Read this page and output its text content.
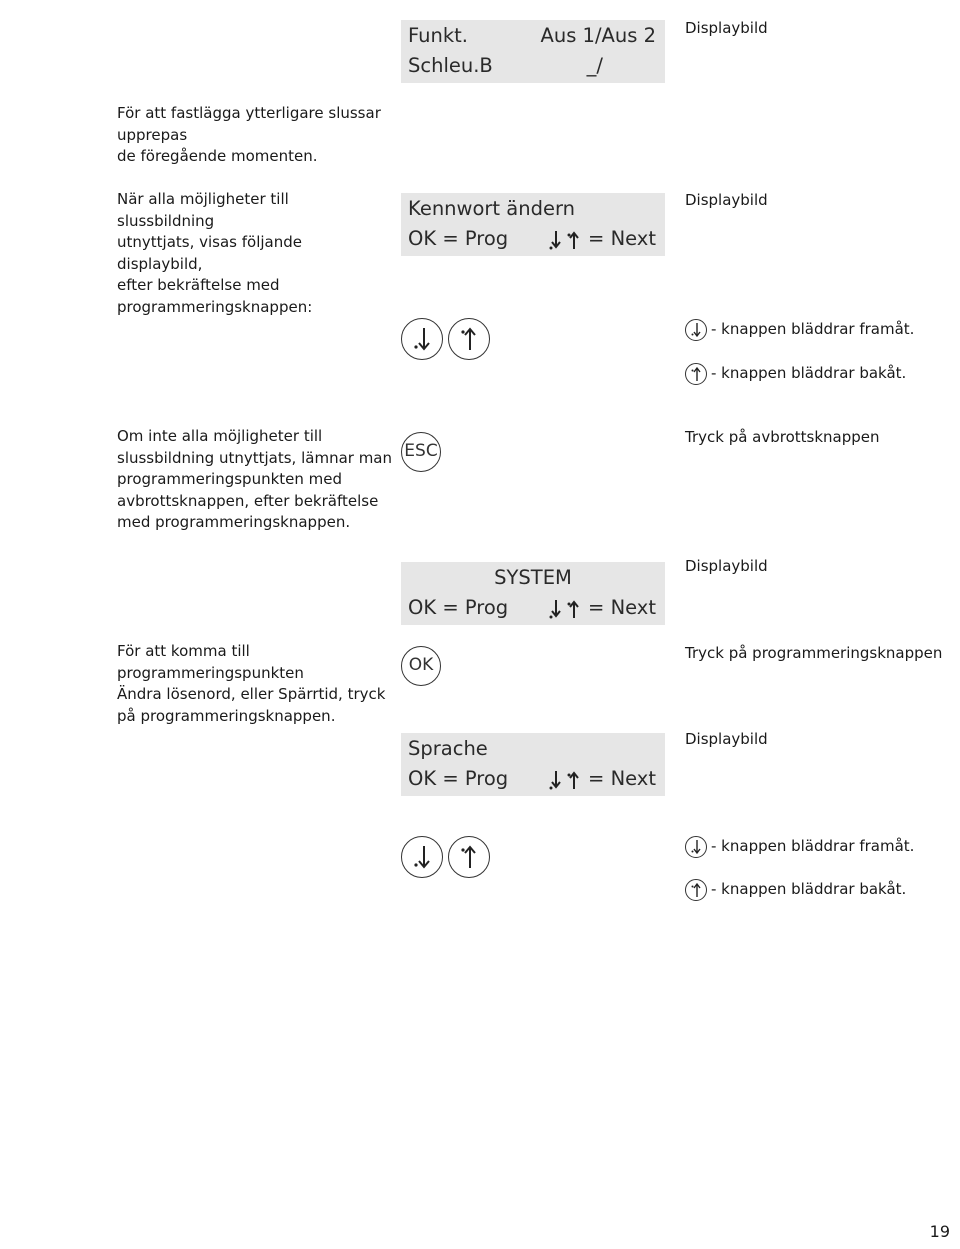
Funkt.	Aus 1/Aus 2
Schleu.B	_/
Displaybild
För att fastlägga ytterligare slussar
upprepas
de föregående momenten.
När alla möjligheter till slussbildning
utnyttjats, visas följande displaybild,
efter bekräftelse med
programmeringsknappen:
Kennwort ändern
OK = Prog	= Next
Displaybild
- knappen bläddrar framåt.
- knappen bläddrar bakåt.
Om inte alla möjligheter till
slussbildning utnyttjats, lämnar man
programmeringspunkten med
avbrottsknappen, efter bekräftelse
med programmeringsknappen.
ESC
Tryck på avbrottsknappen
SYSTEM
OK = Prog	= Next
Displaybild
För att komma till
programmeringspunkten
Ändra lösenord, eller Spärrtid, tryck
på programmeringsknappen.
OK
Tryck på programmeringsknappen
Sprache
OK = Prog	= Next
Displaybild
- knappen bläddrar framåt.
- knappen bläddrar bakåt.
19
